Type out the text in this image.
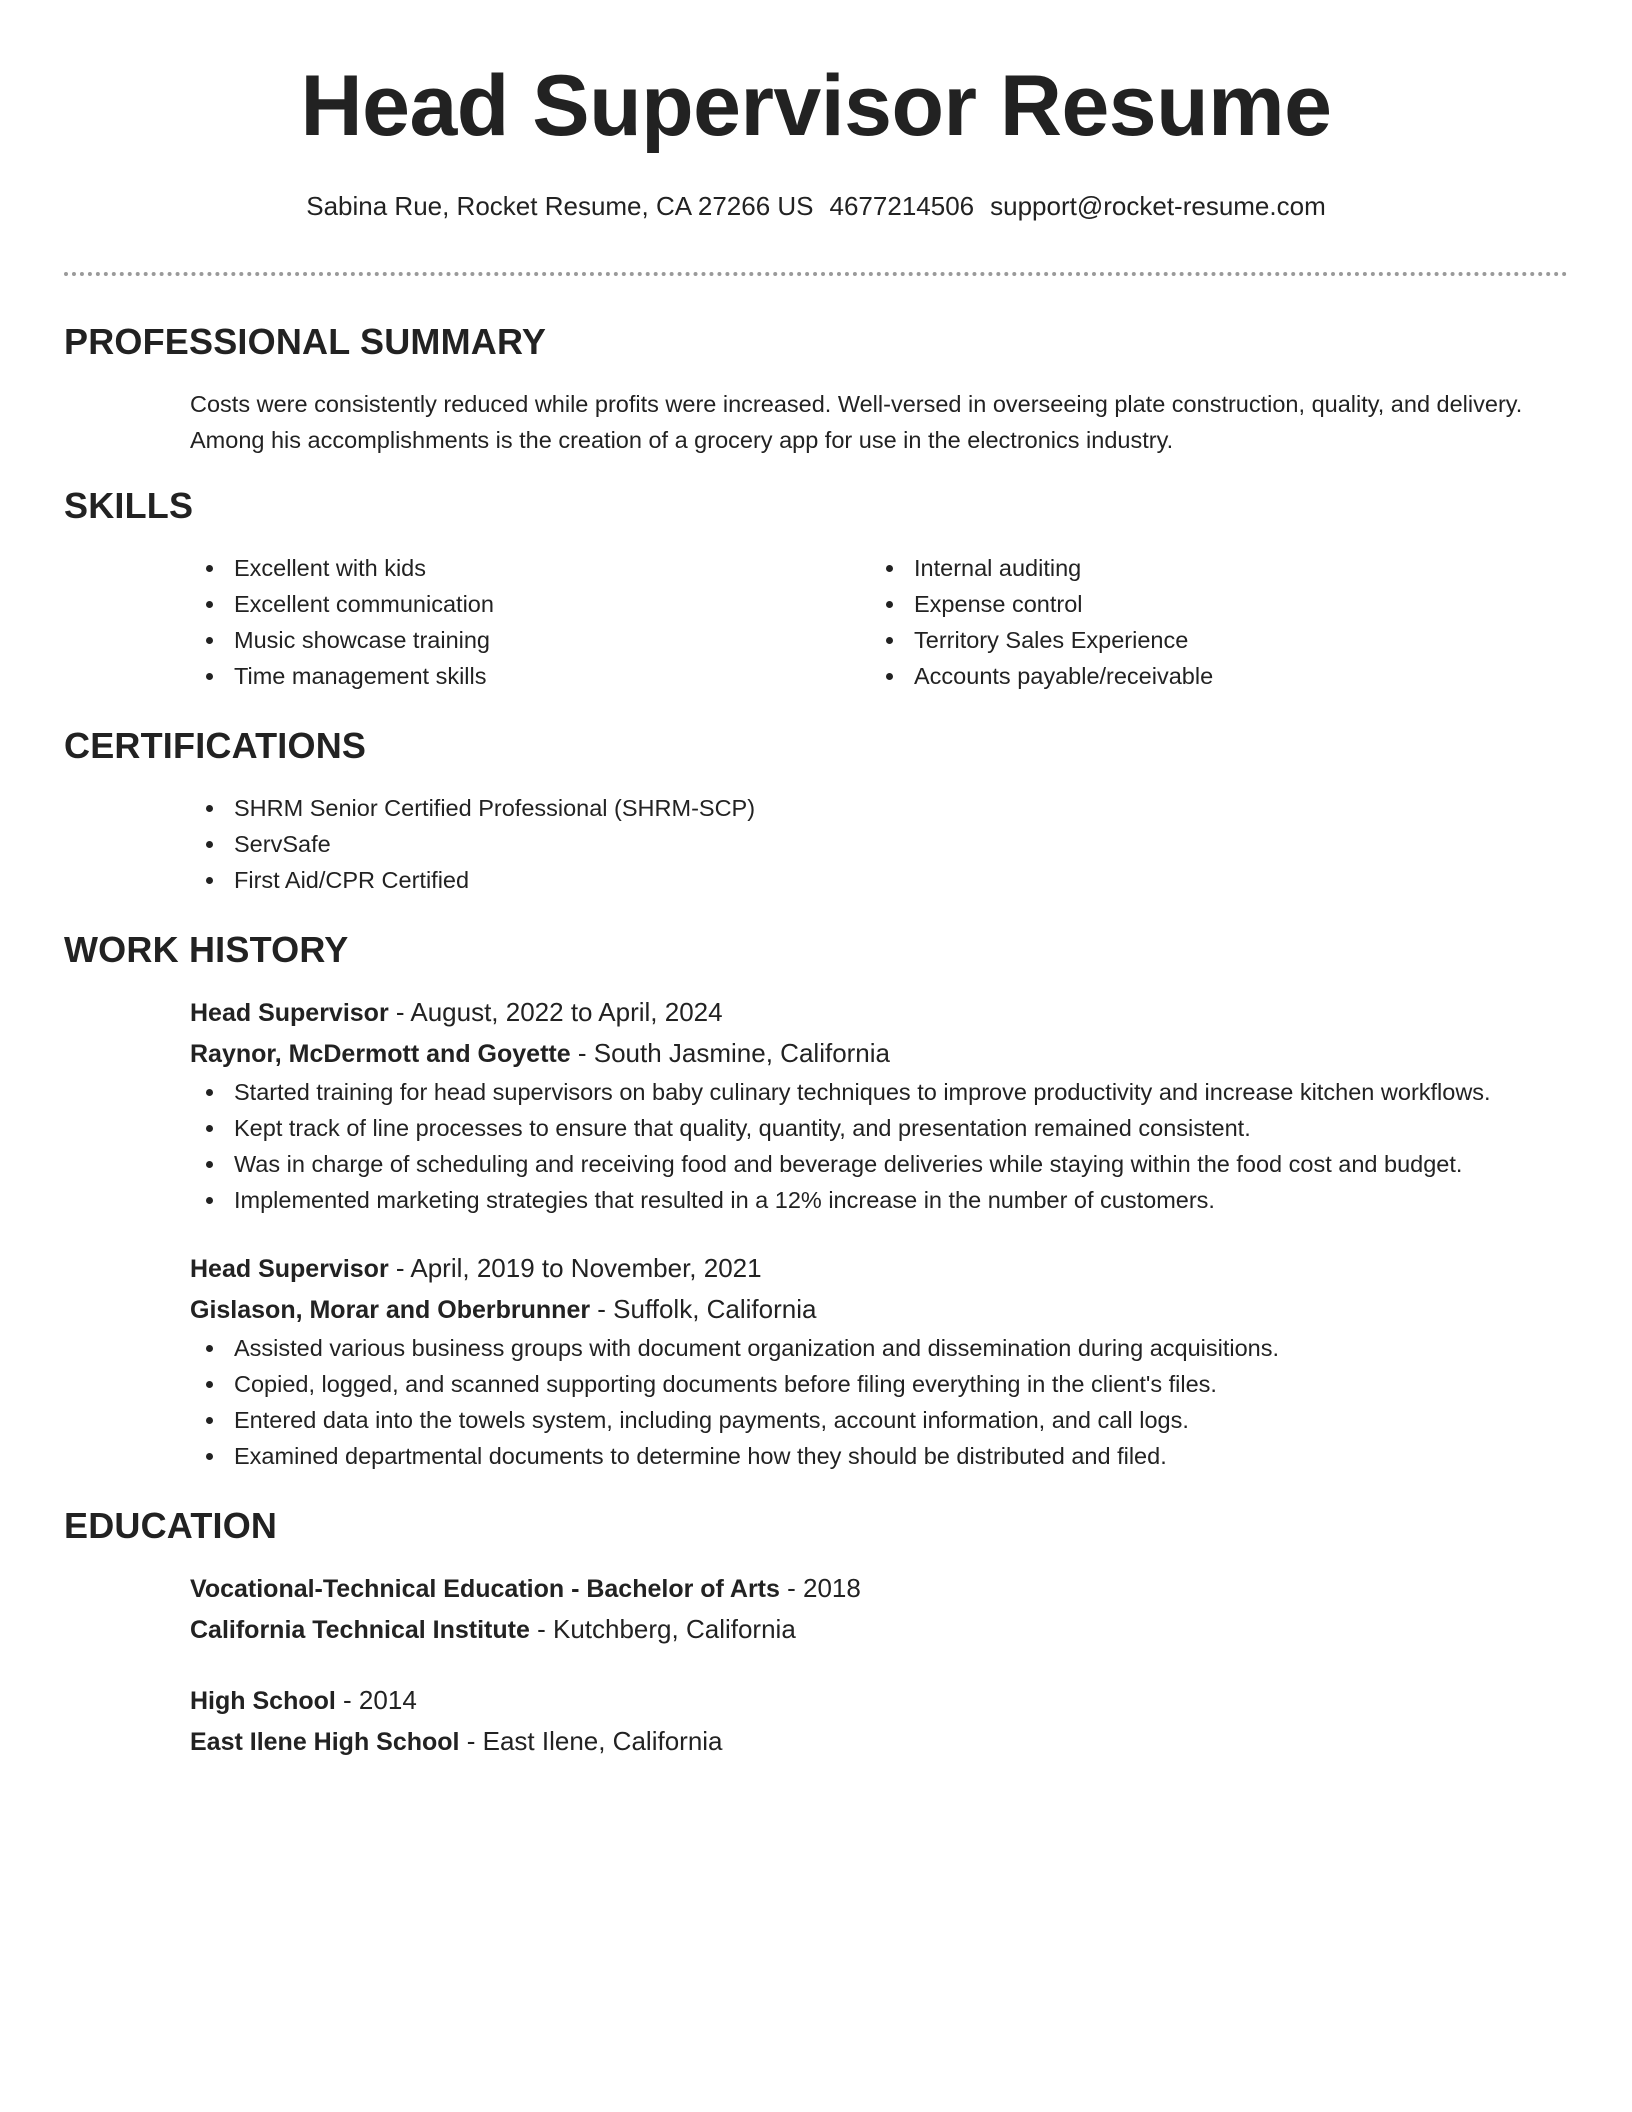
Head Supervisor Resume
Sabina Rue, Rocket Resume, CA 27266 US 4677214506 support@rocket-resume.com
PROFESSIONAL SUMMARY

Costs were consistently reduced while profits were increased. Well-versed in overseeing plate construction, quality, and delivery. Among his accomplishments is the creation of a grocery app for use in the electronics industry.

SKILLS
Excellent with kids
Excellent communication
Music showcase training
Time management skills
Internal auditing
Expense control
Territory Sales Experience
Accounts payable/receivable
CERTIFICATIONS
SHRM Senior Certified Professional (SHRM-SCP)
ServSafe
First Aid/CPR Certified
WORK HISTORY
Head Supervisor - August, 2022 to April, 2024
Raynor, McDermott and Goyette - South Jasmine, California
Started training for head supervisors on baby culinary techniques to improve productivity and increase kitchen workflows.
Kept track of line processes to ensure that quality, quantity, and presentation remained consistent.
Was in charge of scheduling and receiving food and beverage deliveries while staying within the food cost and budget.
Implemented marketing strategies that resulted in a 12% increase in the number of customers.
Head Supervisor - April, 2019 to November, 2021
Gislason, Morar and Oberbrunner - Suffolk, California
Assisted various business groups with document organization and dissemination during acquisitions.
Copied, logged, and scanned supporting documents before filing everything in the client's files.
Entered data into the towels system, including payments, account information, and call logs.
Examined departmental documents to determine how they should be distributed and filed.
EDUCATION
Vocational-Technical Education - Bachelor of Arts - 2018
California Technical Institute - Kutchberg, California
High School - 2014
East Ilene High School - East Ilene, California
